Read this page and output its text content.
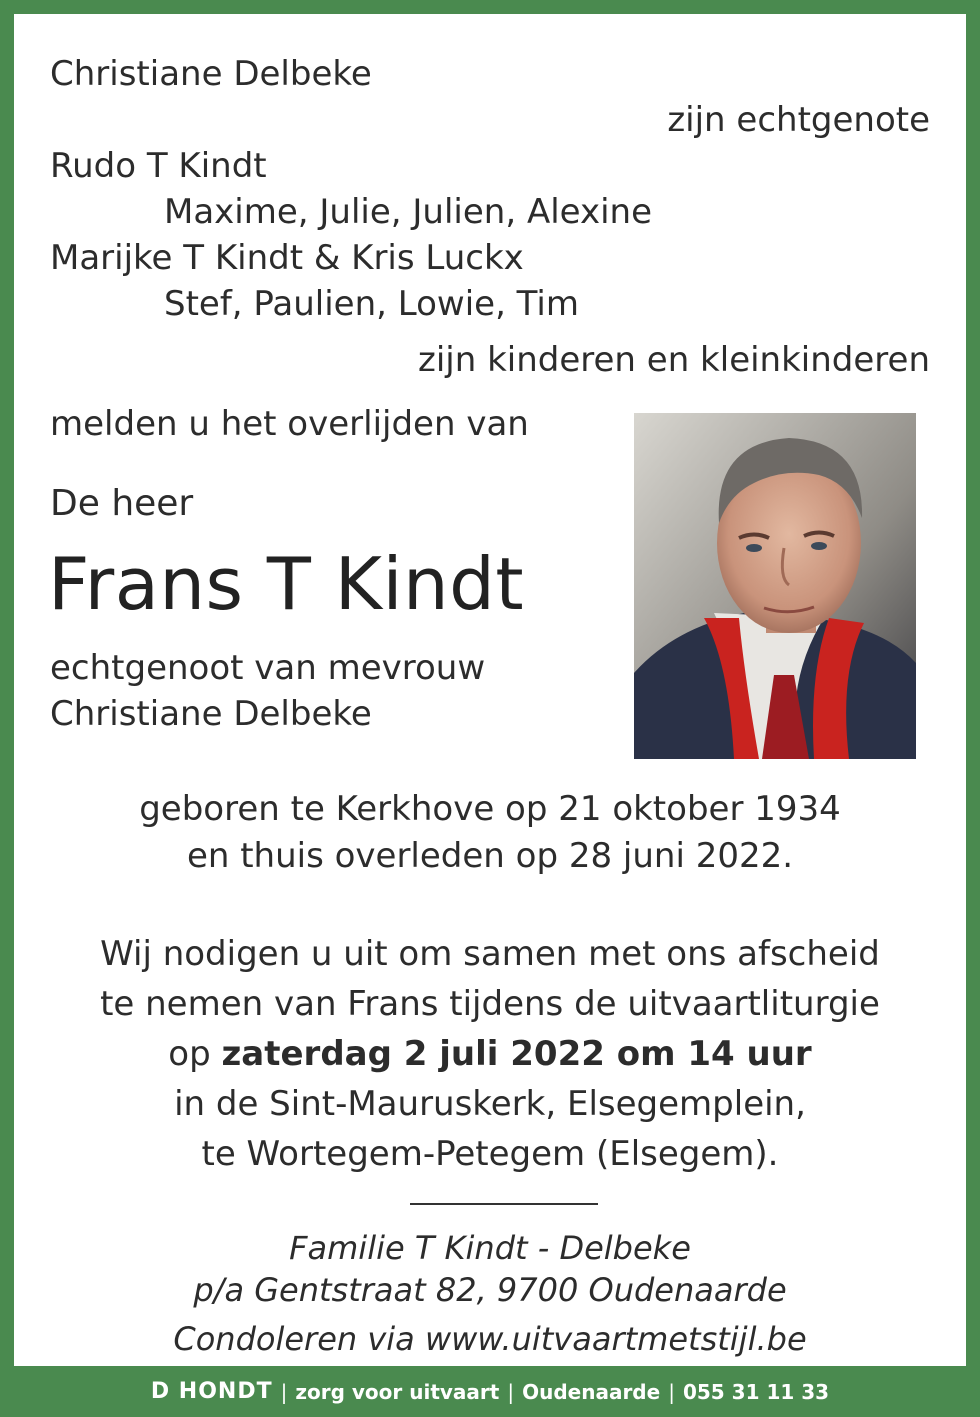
Christiane Delbeke
zijn echtgenote
Rudo T Kindt
Maxime, Julie, Julien, Alexine
Marijke T Kindt & Kris Luckx
Stef, Paulien, Lowie, Tim
zijn kinderen en kleinkinderen
melden u het overlijden van
De heer
Frans T Kindt
echtgenoot van mevrouw
Christiane Delbeke
geboren te Kerkhove op 21 oktober 1934
en thuis overleden op 28 juni 2022.
Wij nodigen u uit om samen met ons afscheid
te nemen van Frans tijdens de uitvaartliturgie
op zaterdag 2 juli 2022 om 14 uur
in de Sint-Mauruskerk, Elsegemplein,
te Wortegem-Petegem (Elsegem).
Familie T Kindt - Delbeke
p/a Gentstraat 82, 9700 Oudenaarde
Condoleren via www.uitvaartmetstijl.be
D HONDT | zorg voor uitvaart | Oudenaarde | 055 31 11 33
